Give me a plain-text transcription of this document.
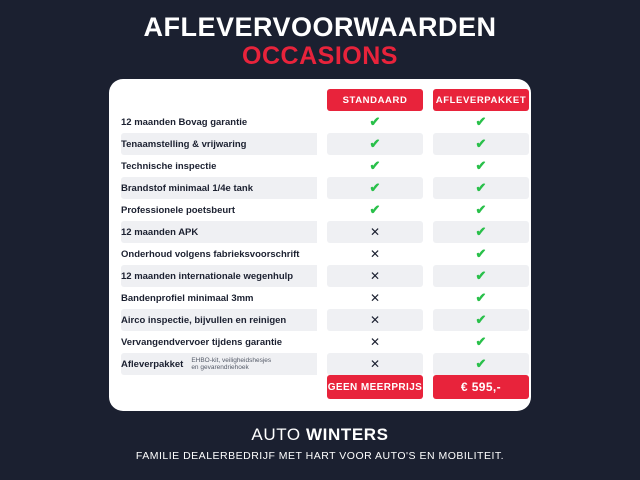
AFLEVERVOORWAARDEN
OCCASIONS
		STANDAARD		AFLEVERPAKKET
12 maanden Bovag garantie		✔		✔
Tenaamstelling & vrijwaring		✔		✔
Technische inspectie		✔		✔
Brandstof minimaal 1/4e tank		✔		✔
Professionele poetsbeurt		✔		✔
12 maanden APK		✕		✔
Onderhoud volgens fabrieksvoorschrift		✕		✔
12 maanden internationale wegenhulp		✕		✔
Bandenprofiel minimaal 3mm		✕		✔
Airco inspectie, bijvullen en reinigen		✕		✔
Vervangendvervoer tijdens garantie		✕		✔
Afleverpakket EHBO-kit, veiligheidshesjes en gevarendriehoek		✕		✔
		GEEN MEERPRIJS		€ 595,-
AUTO WINTERS
FAMILIE DEALERBEDRIJF MET HART VOOR AUTO'S EN MOBILITEIT.
